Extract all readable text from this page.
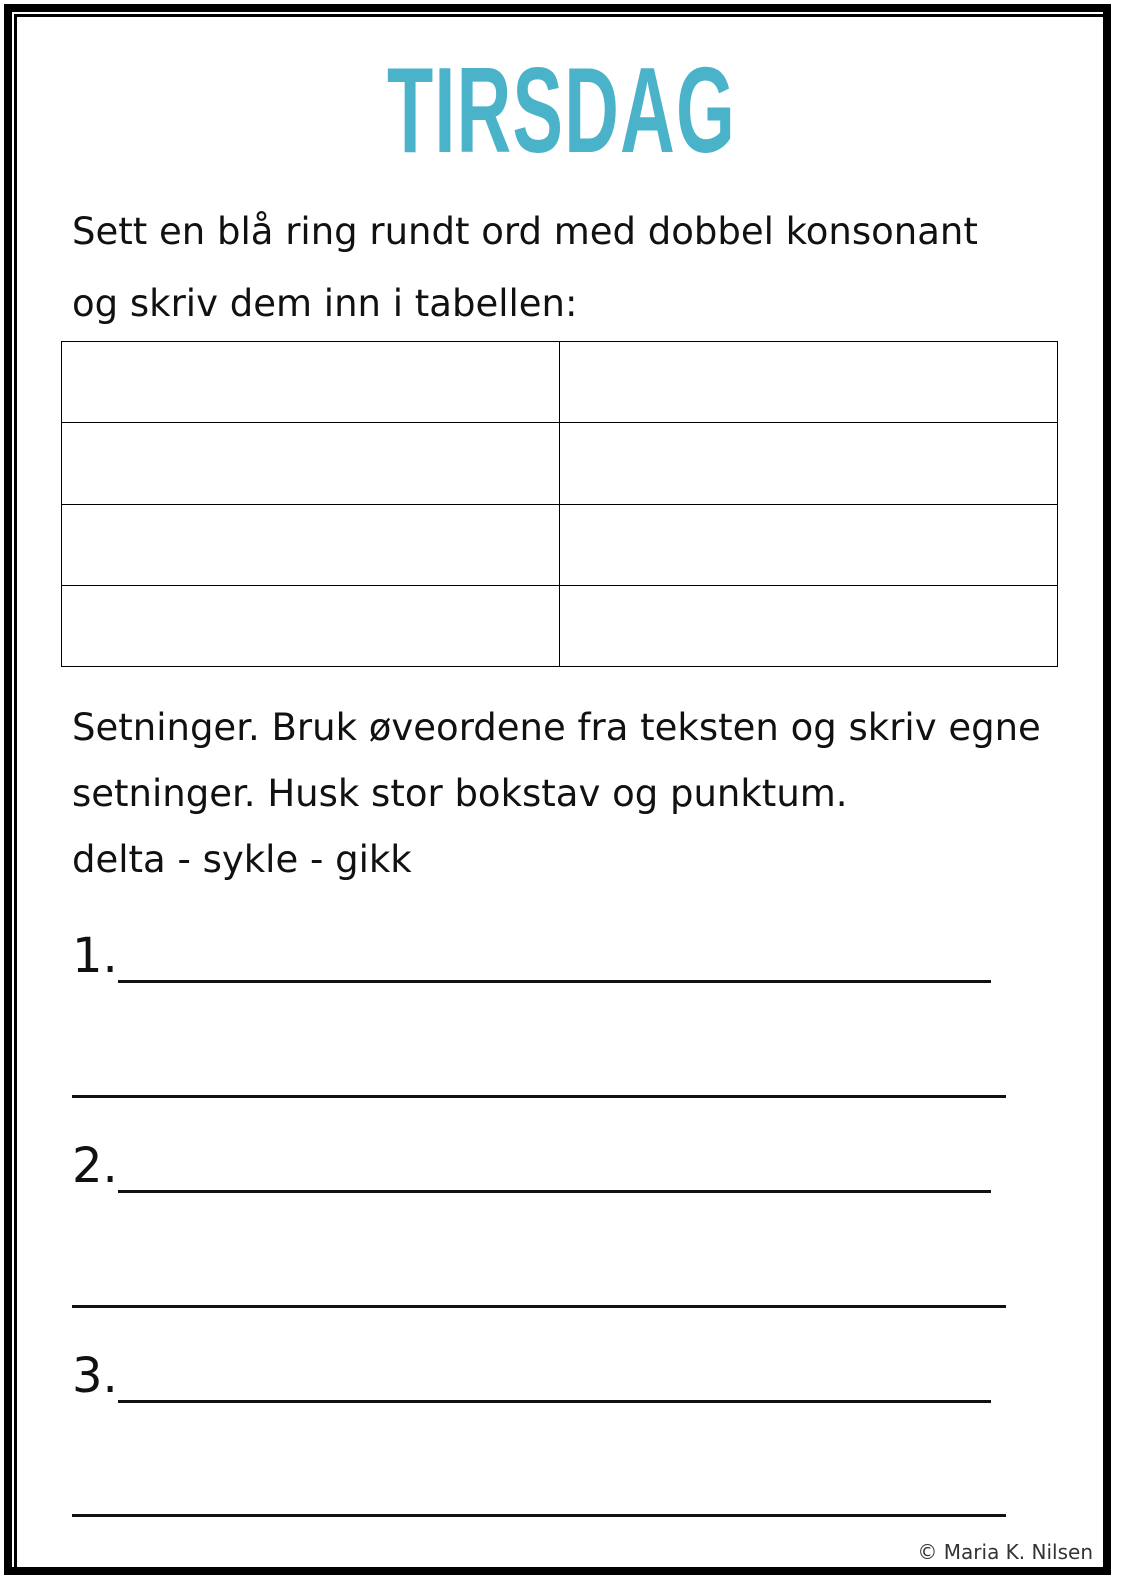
TIRSDAG
Sett en blå ring rundt ord med dobbel konsonant
og skriv dem inn i tabellen:

Setninger. Bruk øveordene fra teksten og skriv egne
setninger. Husk stor bokstav og punktum.
delta - sykle - gikk
1.
2.
3.
© Maria K. Nilsen
